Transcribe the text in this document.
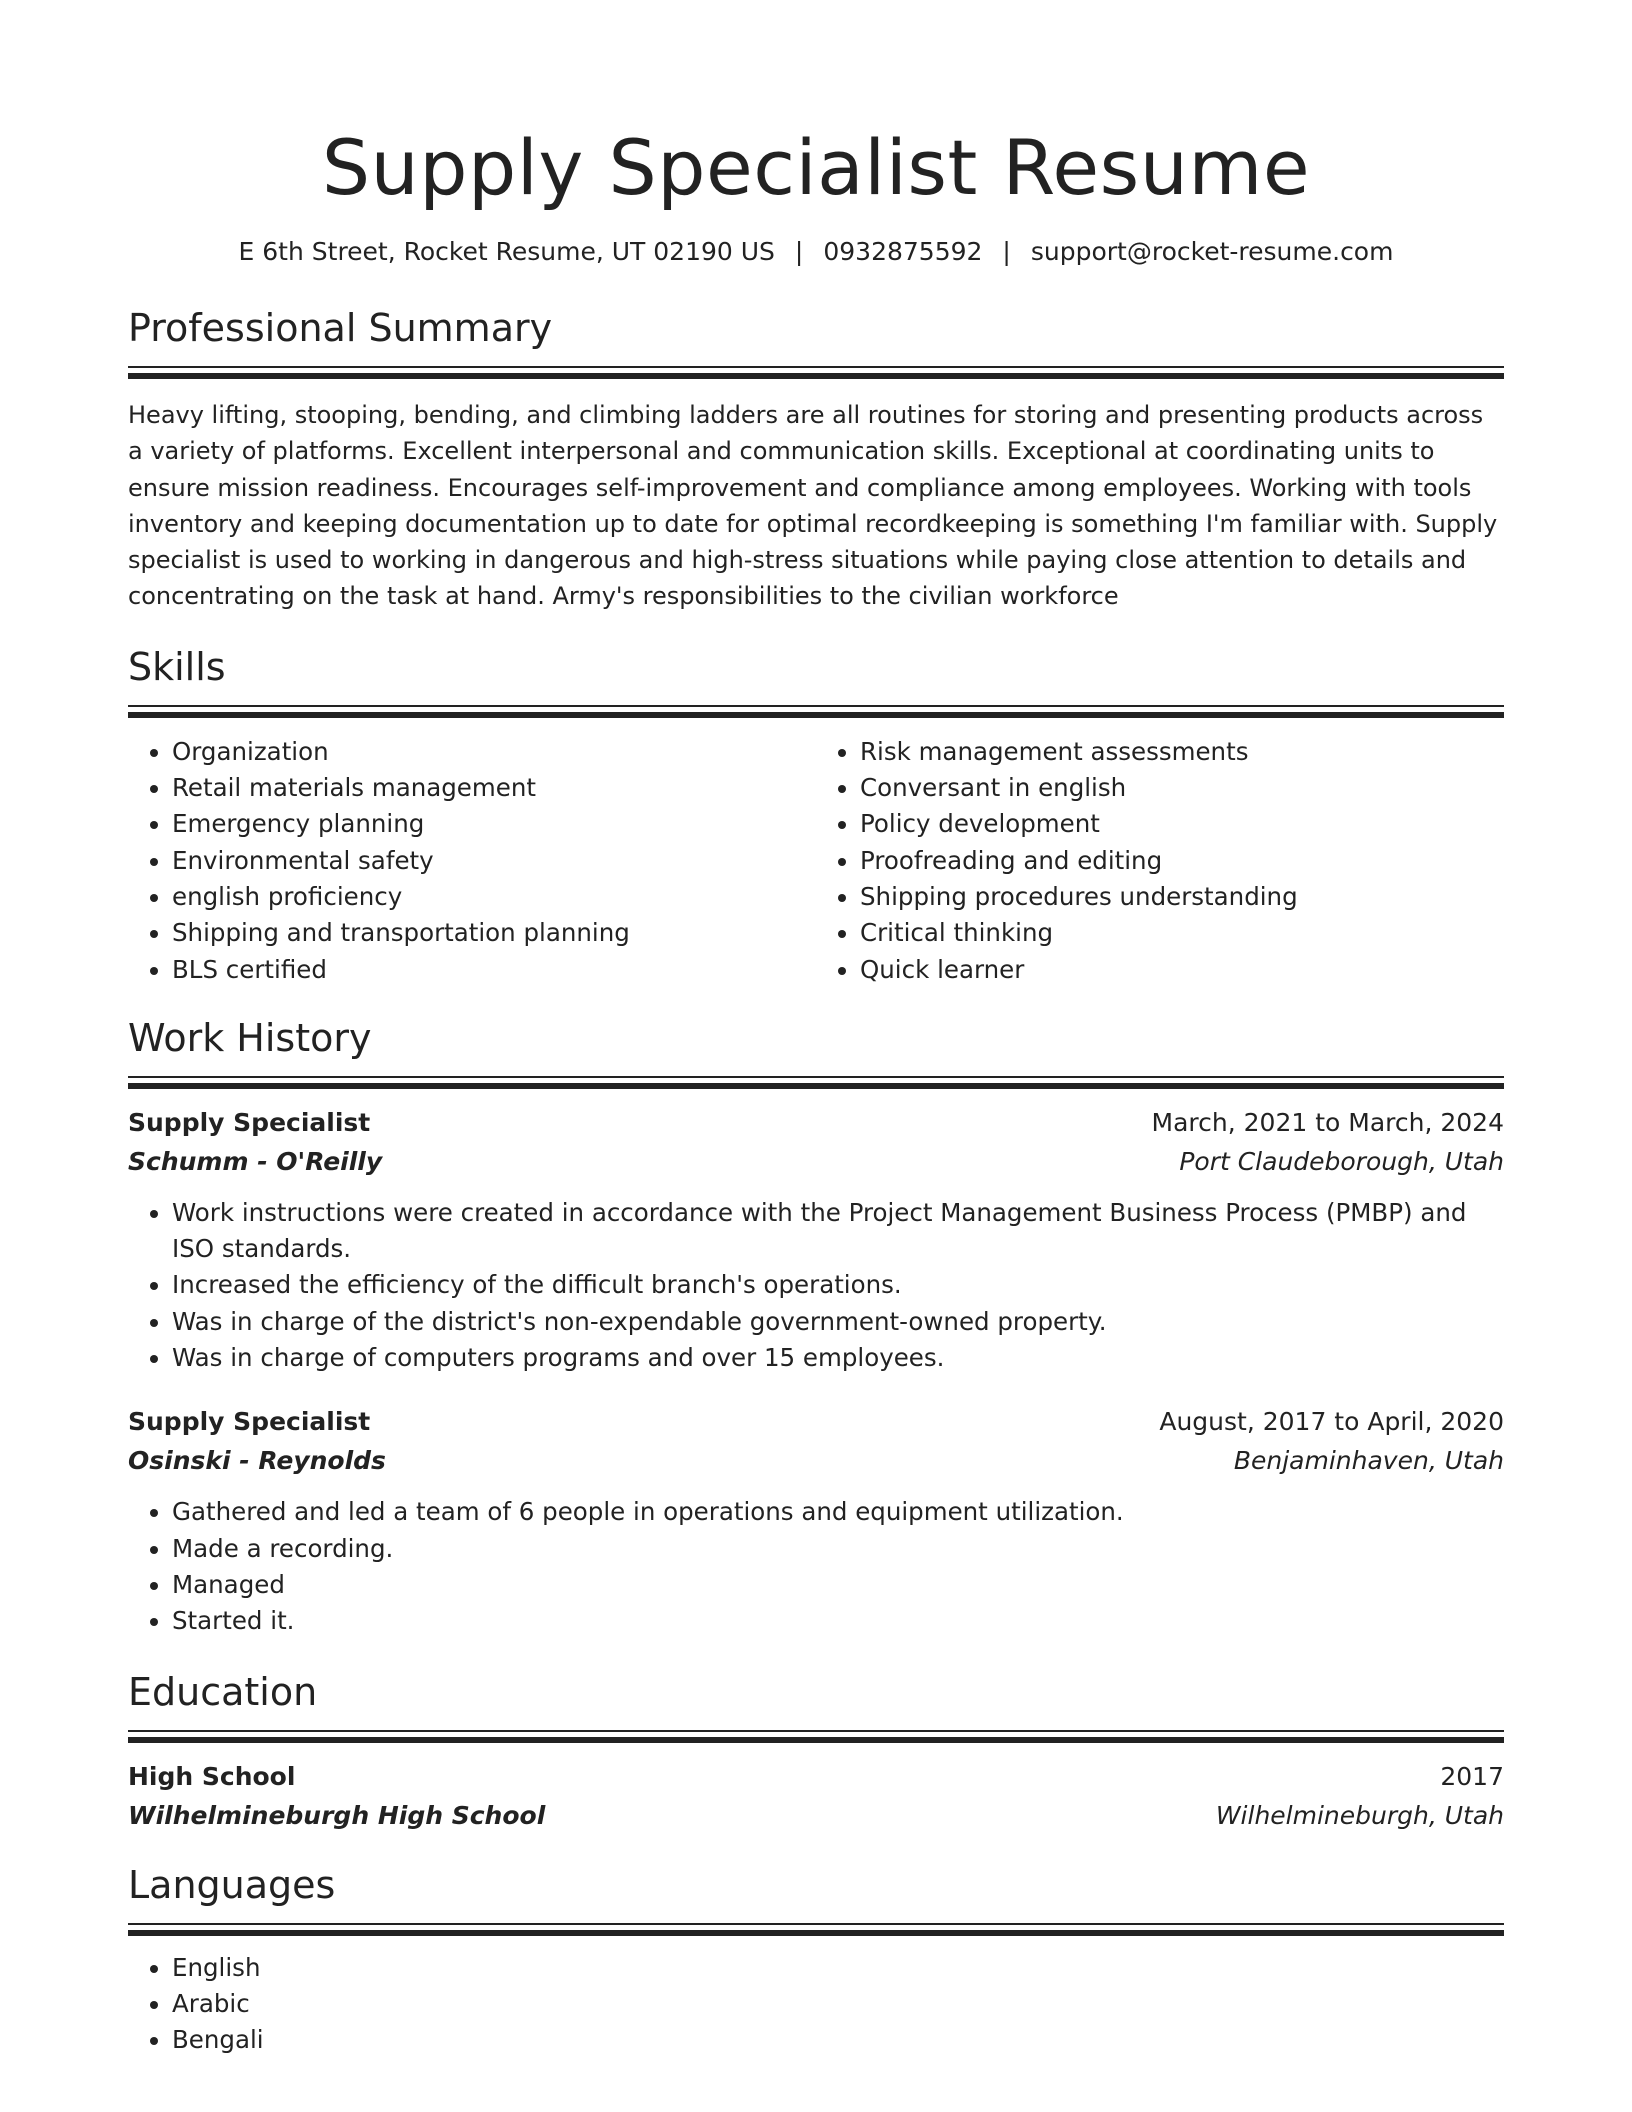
Supply Specialist Resume
E 6th Street, Rocket Resume, UT 02190 US | 0932875592 | support@rocket-resume.com
Professional Summary

Heavy lifting, stooping, bending, and climbing ladders are all routines for storing and presenting products across a variety of platforms. Excellent interpersonal and communication skills. Exceptional at coordinating units to ensure mission readiness. Encourages self-improvement and compliance among employees. Working with tools inventory and keeping documentation up to date for optimal recordkeeping is something I'm familiar with. Supply specialist is used to working in dangerous and high-stress situations while paying close attention to details and concentrating on the task at hand. Army's responsibilities to the civilian workforce

Skills
• Organization
• Retail materials management
• Emergency planning
• Environmental safety
• english proficiency
• Shipping and transportation planning
• BLS certified
• Risk management assessments
• Conversant in english
• Policy development
• Proofreading and editing
• Shipping procedures understanding
• Critical thinking
• Quick learner
Work History
Supply Specialist	March, 2021 to March, 2024
Schumm - O'Reilly	Port Claudeborough, Utah
• Work instructions were created in accordance with the Project Management Business Process (PMBP) and ISO standards.
• Increased the efficiency of the difficult branch's operations.
• Was in charge of the district's non-expendable government-owned property.
• Was in charge of computers programs and over 15 employees.
Supply Specialist	August, 2017 to April, 2020
Osinski - Reynolds	Benjaminhaven, Utah
• Gathered and led a team of 6 people in operations and equipment utilization.
• Made a recording.
• Managed
• Started it.
Education
High School	2017
Wilhelmineburgh High School	Wilhelmineburgh, Utah
Languages
• English
• Arabic
• Bengali
